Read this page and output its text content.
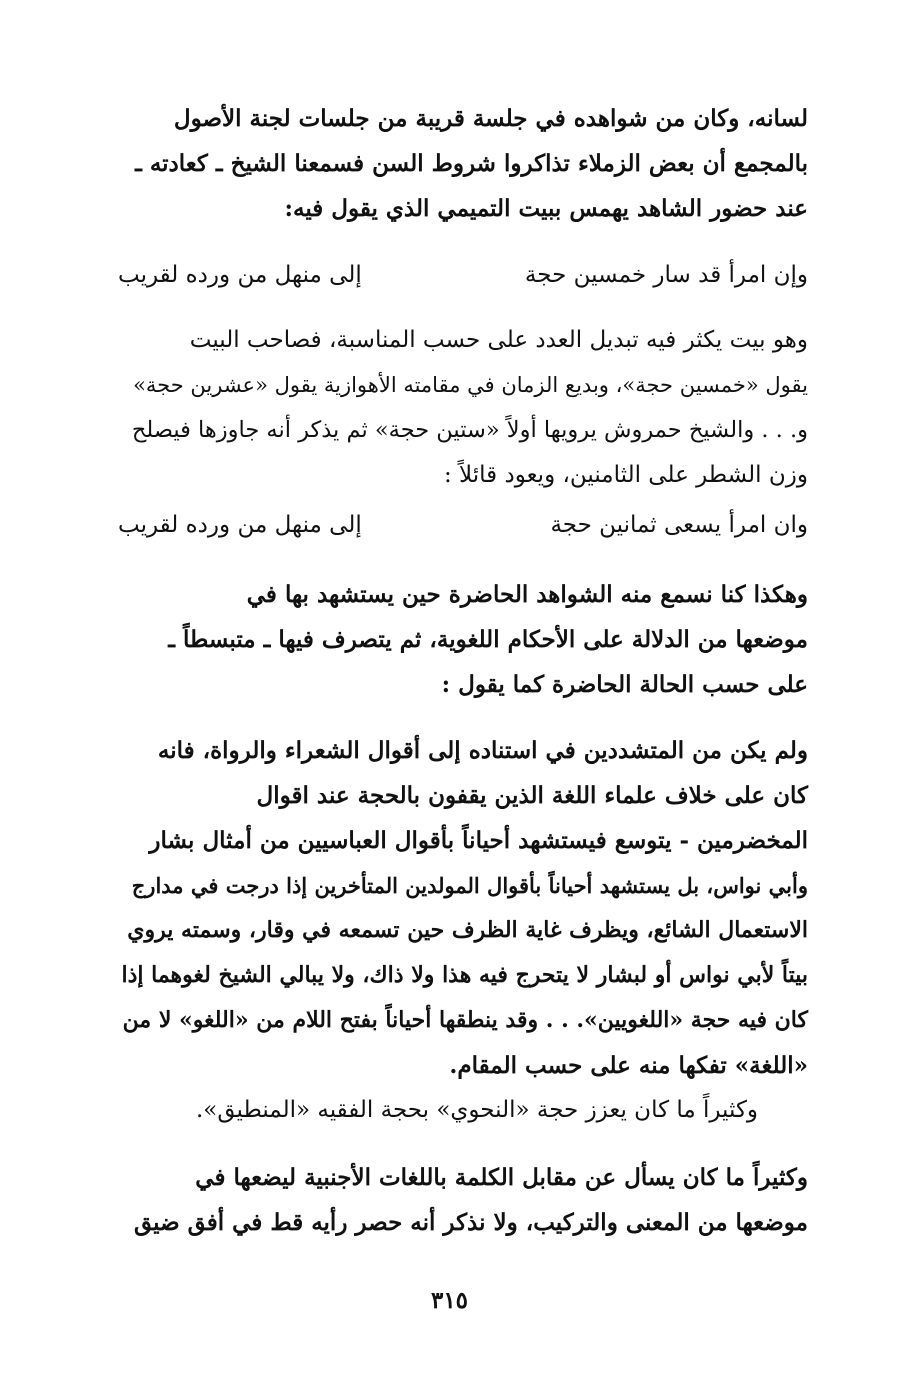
لسانه، وكان من شواهده في جلسة قريبة من جلسات لجنة الأصول
بالمجمع أن بعض الزملاء تذاكروا شروط السن فسمعنا الشيخ ـ كعادته ـ
عند حضور الشاهد يهمس ببيت التميمي الذي يقول فيه:
وإن امرأ قد سار خمسين حجة
إلى منهل من ورده لقريب
وهو بيت يكثر فيه تبديل العدد على حسب المناسبة، فصاحب البيت
يقول «خمسين حجة»، وبديع الزمان في مقامته الأهوازية يقول «عشرين حجة»
و. . . والشيخ حمروش يرويها أولاً «ستين حجة» ثم يذكر أنه جاوزها فيصلح
وزن الشطر على الثامنين، ويعود قائلاً :
وان امرأ يسعى ثمانين حجة
إلى منهل من ورده لقريب
وهكذا كنا نسمع منه الشواهد الحاضرة حين يستشهد بها في
موضعها من الدلالة على الأحكام اللغوية، ثم يتصرف فيها ـ متبسطاً ـ
على حسب الحالة الحاضرة كما يقول :
ولم يكن من المتشددين في استناده إلى أقوال الشعراء والرواة، فانه
كان على خلاف علماء اللغة الذين يقفون بالحجة عند اقوال
المخضرمين - يتوسع فيستشهد أحياناً بأقوال العباسيين من أمثال بشار
وأبي نواس، بل يستشهد أحياناً بأقوال المولدين المتأخرين إذا درجت في مدارج
الاستعمال الشائع، ويظرف غاية الظرف حين تسمعه في وقار، وسمته يروي
بيتاً لأبي نواس أو لبشار لا يتحرج فيه هذا ولا ذاك، ولا يبالي الشيخ لغوهما إذا
كان فيه حجة «اللغويين». . . وقد ينطقها أحياناً بفتح اللام من «اللغو» لا من
«اللغة» تفكها منه على حسب المقام.
وكثيراً ما كان يعزز حجة «النحوي» بحجة الفقيه «المنطيق».
وكثيراً ما كان يسأل عن مقابل الكلمة باللغات الأجنبية ليضعها في
موضعها من المعنى والتركيب، ولا نذكر أنه حصر رأيه قط في أفق ضيق
٣١٥
